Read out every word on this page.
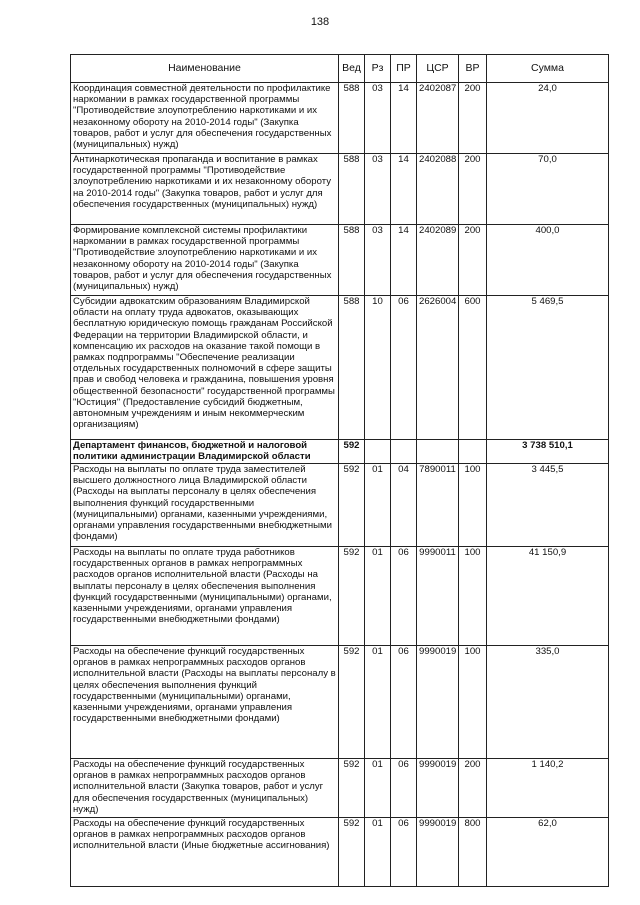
138
Наименование	Вед	Рз	ПР	ЦСР	ВР	Сумма
Координация совместной деятельности по профилактике наркомании в рамках государственной программы "Противодействие злоупотреблению наркотиками и их незаконному обороту на 2010-2014 годы" (Закупка товаров, работ и услуг для обеспечения государственных (муниципальных) нужд)	588	03	14	2402087	200	24,0
Антинаркотическая пропаганда и воспитание в рамках государственной программы "Противодействие злоупотреблению наркотиками и их незаконному обороту на 2010-2014 годы" (Закупка товаров, работ и услуг для обеспечения государственных (муниципальных) нужд)	588	03	14	2402088	200	70,0
Формирование комплексной системы профилактики наркомании в рамках государственной программы "Противодействие злоупотреблению наркотиками и их незаконному обороту на 2010-2014 годы" (Закупка товаров, работ и услуг для обеспечения государственных (муниципальных) нужд)	588	03	14	2402089	200	400,0
Субсидии адвокатским образованиям Владимирской области на оплату труда адвокатов, оказывающих бесплатную юридическую помощь гражданам Российской Федерации на территории Владимирской области, и компенсацию их расходов на оказание такой помощи в рамках подпрограммы "Обеспечение реализации отдельных государственных полномочий в сфере защиты прав и свобод человека и гражданина, повышения уровня общественной безопасности" государственной программы "Юстиция" (Предоставление субсидий бюджетным, автономным учреждениям и иным некоммерческим организациям)	588	10	06	2626004	600	5 469,5
Департамент финансов, бюджетной и налоговой политики администрации Владимирской области	592					3 738 510,1
Расходы на выплаты по оплате труда заместителей высшего должностного лица Владимирской области (Расходы на выплаты персоналу в целях обеспечения выполнения функций государственными (муниципальными) органами, казенными учреждениями, органами управления государственными внебюджетными фондами)	592	01	04	7890011	100	3 445,5
Расходы на выплаты по оплате труда работников государственных органов в рамках непрограммных расходов органов исполнительной власти (Расходы на выплаты персоналу в целях обеспечения выполнения функций государственными (муниципальными) органами, казенными учреждениями, органами управления государственными внебюджетными фондами)	592	01	06	9990011	100	41 150,9
Расходы на обеспечение функций государственных органов в рамках непрограммных расходов органов исполнительной власти (Расходы на выплаты персоналу в целях обеспечения выполнения функций государственными (муниципальными) органами, казенными учреждениями, органами управления государственными внебюджетными фондами)	592	01	06	9990019	100	335,0
Расходы на обеспечение функций государственных органов в рамках непрограммных расходов органов исполнительной власти (Закупка товаров, работ и услуг для обеспечения государственных (муниципальных) нужд)	592	01	06	9990019	200	1 140,2
Расходы на обеспечение функций государственных органов в рамках непрограммных расходов органов исполнительной власти (Иные бюджетные ассигнования)	592	01	06	9990019	800	62,0
